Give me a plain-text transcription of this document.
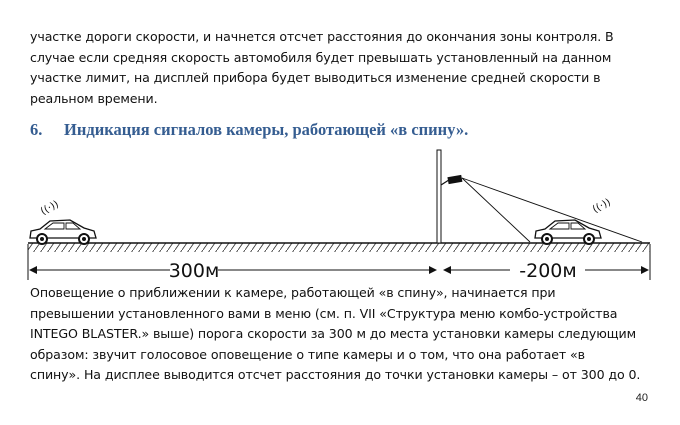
участке дороги скорости, и начнется отсчет расстояния до окончания зоны контроля. В
случае если средняя скорость автомобиля будет превышать установленный на данном
участке лимит, на дисплей прибора будет выводиться изменение средней скорости в
реальном времени.

6. Индикация сигналов камеры, работающей «в спину».
((·))	((·))
300м	-200м

Оповещение о приближении к камере, работающей «в спину», начинается при
превышении установленного вами в меню (см. п. VII «Структура меню комбо-устройства
INTEGO BLASTER.» выше) порога скорости за 300 м до места установки камеры следующим
образом: звучит голосовое оповещение о типе камеры и о том, что она работает «в
спину». На дисплее выводится отсчет расстояния до точки установки камеры – от 300 до 0.

40
